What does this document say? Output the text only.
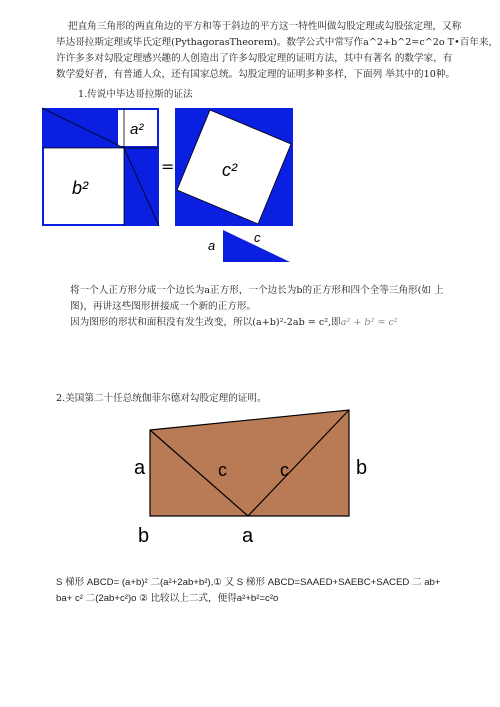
把直角三角形的两直角边的平方和等于斜边的平方这一特性叫做勾股定理或勾股弦定理，又称
毕达哥拉斯定理或毕氏定理(PythagorasTheorem)。数学公式中常写作a^2+b^2=c^2o T•百年来，
许许多多对勾股定理感兴趣的人创造出了许多勾股定理的证明方法，其中有著名 的数学家，有
数学爱好者，有普通人众，还有国家总统。勾股定理的证明多种多样，下面列 举其中的10种。
1.传说中毕达哥拉斯的证法
a²
b²
=	c²
a
c
将一个人正方形分成一个边长为a正方形，一个边长为b的正方形和四个全等三角形(如 上
图)，再讲这些图形拼接成一个新的正方形。
因为图形的形状和面积没有发生改变，所以(a+b)²-2ab = c²,即a² + b² = c²
2.美国第二十任总统伽菲尔德对勾股定理的证明。
a	c	c	b
b	a
S 梯形 ABCD= (a+b)² 二(a²+2ab+b²),① 又 S 梯形 ABCD=SAAED+SAEBC+SACED 二 ab+
ba+ c² 二(2ab+c²)o ② 比较以上二式，便得a²+b²=c²o
